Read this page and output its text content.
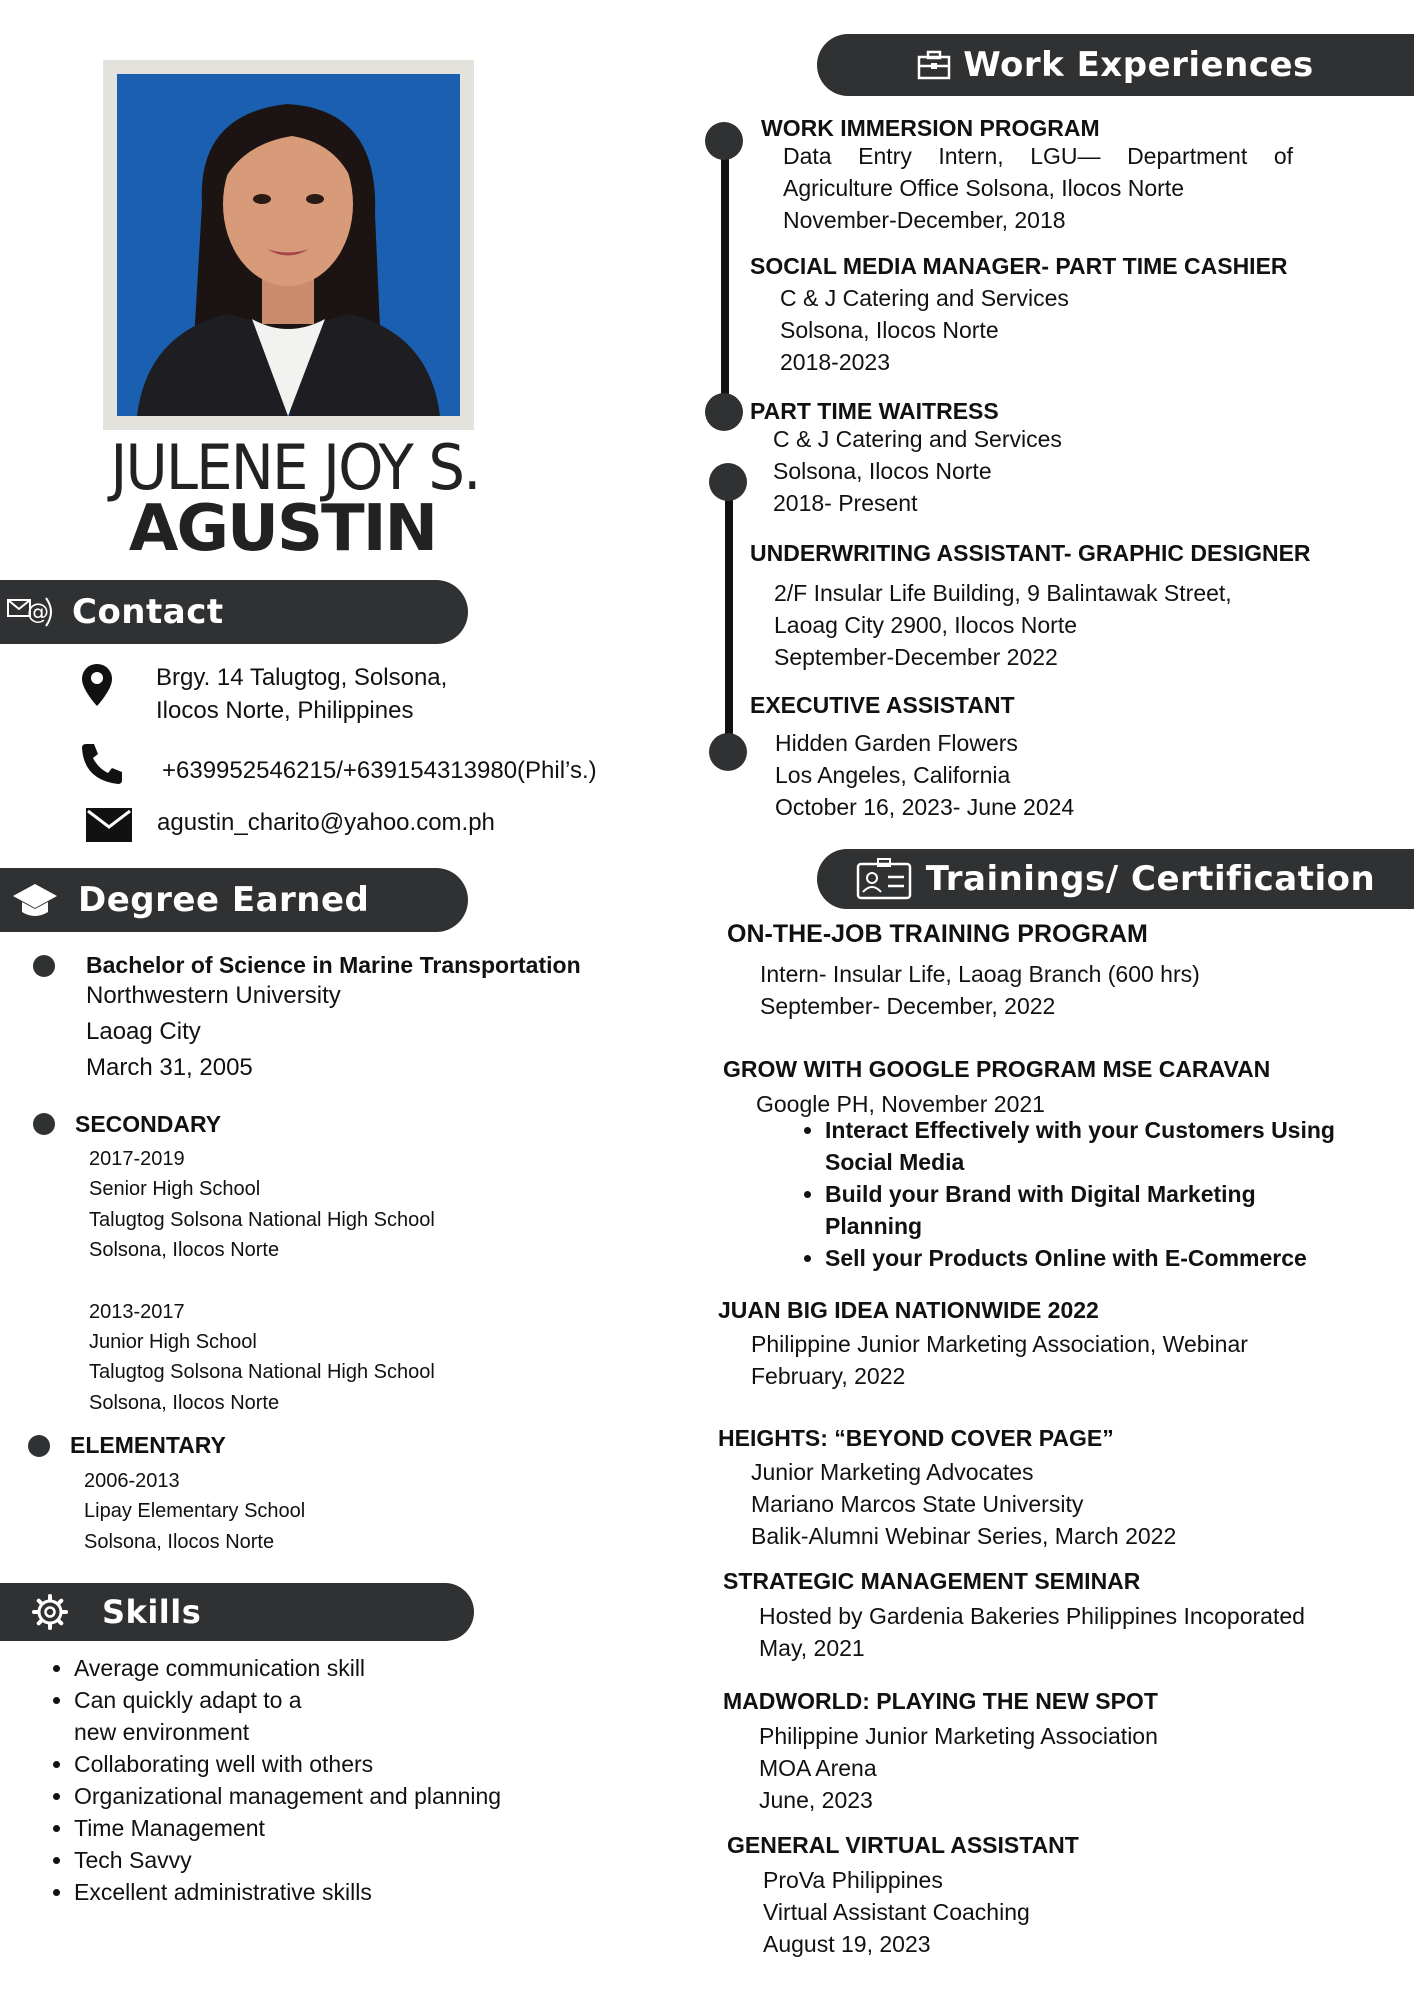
JULENE JOY S.
AGUSTIN
@ Contact
Brgy. 14 Talugtog, Solsona,
Ilocos Norte, Philippines
+639952546215/+639154313980(Phil’s.)
agustin_charito@yahoo.com.ph
Degree Earned
Bachelor of Science in Marine Transportation
Northwestern University
Laoag City
March 31, 2005
SECONDARY
2017-2019
Senior High School
Talugtog Solsona National High School
Solsona, Ilocos Norte
2013-2017
Junior High School
Talugtog Solsona National High School
Solsona, Ilocos Norte
ELEMENTARY
2006-2013
Lipay Elementary School
Solsona, Ilocos Norte
Skills
• Average communication skill
• Can quickly adapt to a new environment
• Collaborating well with others
• Organizational management and planning
• Time Management
• Tech Savvy
• Excellent administrative skills
Work Experiences
WORK IMMERSION PROGRAM
Data Entry Intern, LGU— Department of
Agriculture Office Solsona, Ilocos Norte
November-December, 2018
SOCIAL MEDIA MANAGER- PART TIME CASHIER
C & J Catering and Services
Solsona, Ilocos Norte
2018-2023
PART TIME WAITRESS
C & J Catering and Services
Solsona, Ilocos Norte
2018- Present
UNDERWRITING ASSISTANT- GRAPHIC DESIGNER
2/F Insular Life Building, 9 Balintawak Street,
Laoag City 2900, Ilocos Norte
September-December 2022
EXECUTIVE ASSISTANT
Hidden Garden Flowers
Los Angeles, California
October 16, 2023- June 2024
Trainings/ Certification
ON-THE-JOB TRAINING PROGRAM
Intern- Insular Life, Laoag Branch (600 hrs)
September- December, 2022
GROW WITH GOOGLE PROGRAM MSE CARAVAN
Google PH, November 2021
• Interact Effectively with your Customers Using Social Media
• Build your Brand with Digital Marketing Planning
• Sell your Products Online with E-Commerce
JUAN BIG IDEA NATIONWIDE 2022
Philippine Junior Marketing Association, Webinar
February, 2022
HEIGHTS: “BEYOND COVER PAGE”
Junior Marketing Advocates
Mariano Marcos State University
Balik-Alumni Webinar Series, March 2022
STRATEGIC MANAGEMENT SEMINAR
Hosted by Gardenia Bakeries Philippines Incoporated
May, 2021
MADWORLD: PLAYING THE NEW SPOT
Philippine Junior Marketing Association
MOA Arena
June, 2023
GENERAL VIRTUAL ASSISTANT
ProVa Philippines
Virtual Assistant Coaching
August 19, 2023
